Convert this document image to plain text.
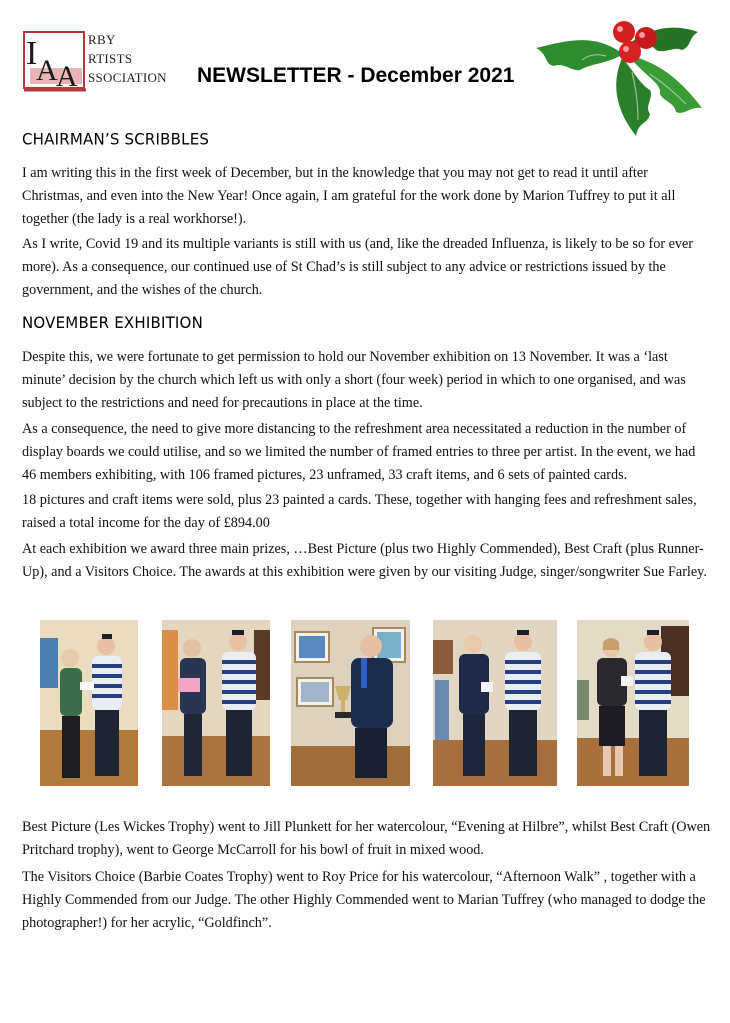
I
A
A
RBY
RTISTS
SSOCIATION NEWSLETTER - December 2021
CHAIRMAN’S SCRIBBLES

I am writing this in the first week of December, but in the knowledge that you may not get to read it until after Christmas, and even into the New Year! Once again, I am grateful for the work done by Marion Tuffrey to put it all together (the lady is a real workhorse!).

As I write, Covid 19 and its multiple variants is still with us (and, like the dreaded Influenza, is likely to be so for ever more). As a consequence, our continued use of St Chad’s is still subject to any advice or restrictions issued by the government, and the wishes of the church.

NOVEMBER EXHIBITION

Despite this, we were fortunate to get permission to hold our November exhibition on 13 November. It was a ‘last minute’ decision by the church which left us with only a short (four week) period in which to one organised, and was subject to the restrictions and need for precautions in place at the time.

As a consequence, the need to give more distancing to the refreshment area necessitated a reduction in the number of display boards we could utilise, and so we limited the number of framed entries to three per artist. In the event, we had 46 members exhibiting, with 106 framed pictures, 23 unframed, 33 craft items, and 6 sets of painted cards.

18 pictures and craft items were sold, plus 23 painted a cards. These, together with hanging fees and refreshment sales, raised a total income for the day of £894.00

At each exhibition we award three main prizes, …Best Picture (plus two Highly Commended), Best Craft (plus Runner-Up), and a Visitors Choice. The awards at this exhibition were given by our visiting Judge, singer/songwriter Sue Farley.

Best Picture (Les Wickes Trophy) went to Jill Plunkett for her watercolour, “Evening at Hilbre”, whilst Best Craft (Owen Pritchard trophy), went to George McCarroll for his bowl of fruit in mixed wood.

The Visitors Choice (Barbie Coates Trophy) went to Roy Price for his watercolour, “Afternoon Walk” , together with a Highly Commended from our Judge. The other Highly Commended went to Marian Tuffrey (who managed to dodge the photographer!) for her acrylic, “Goldfinch”.
